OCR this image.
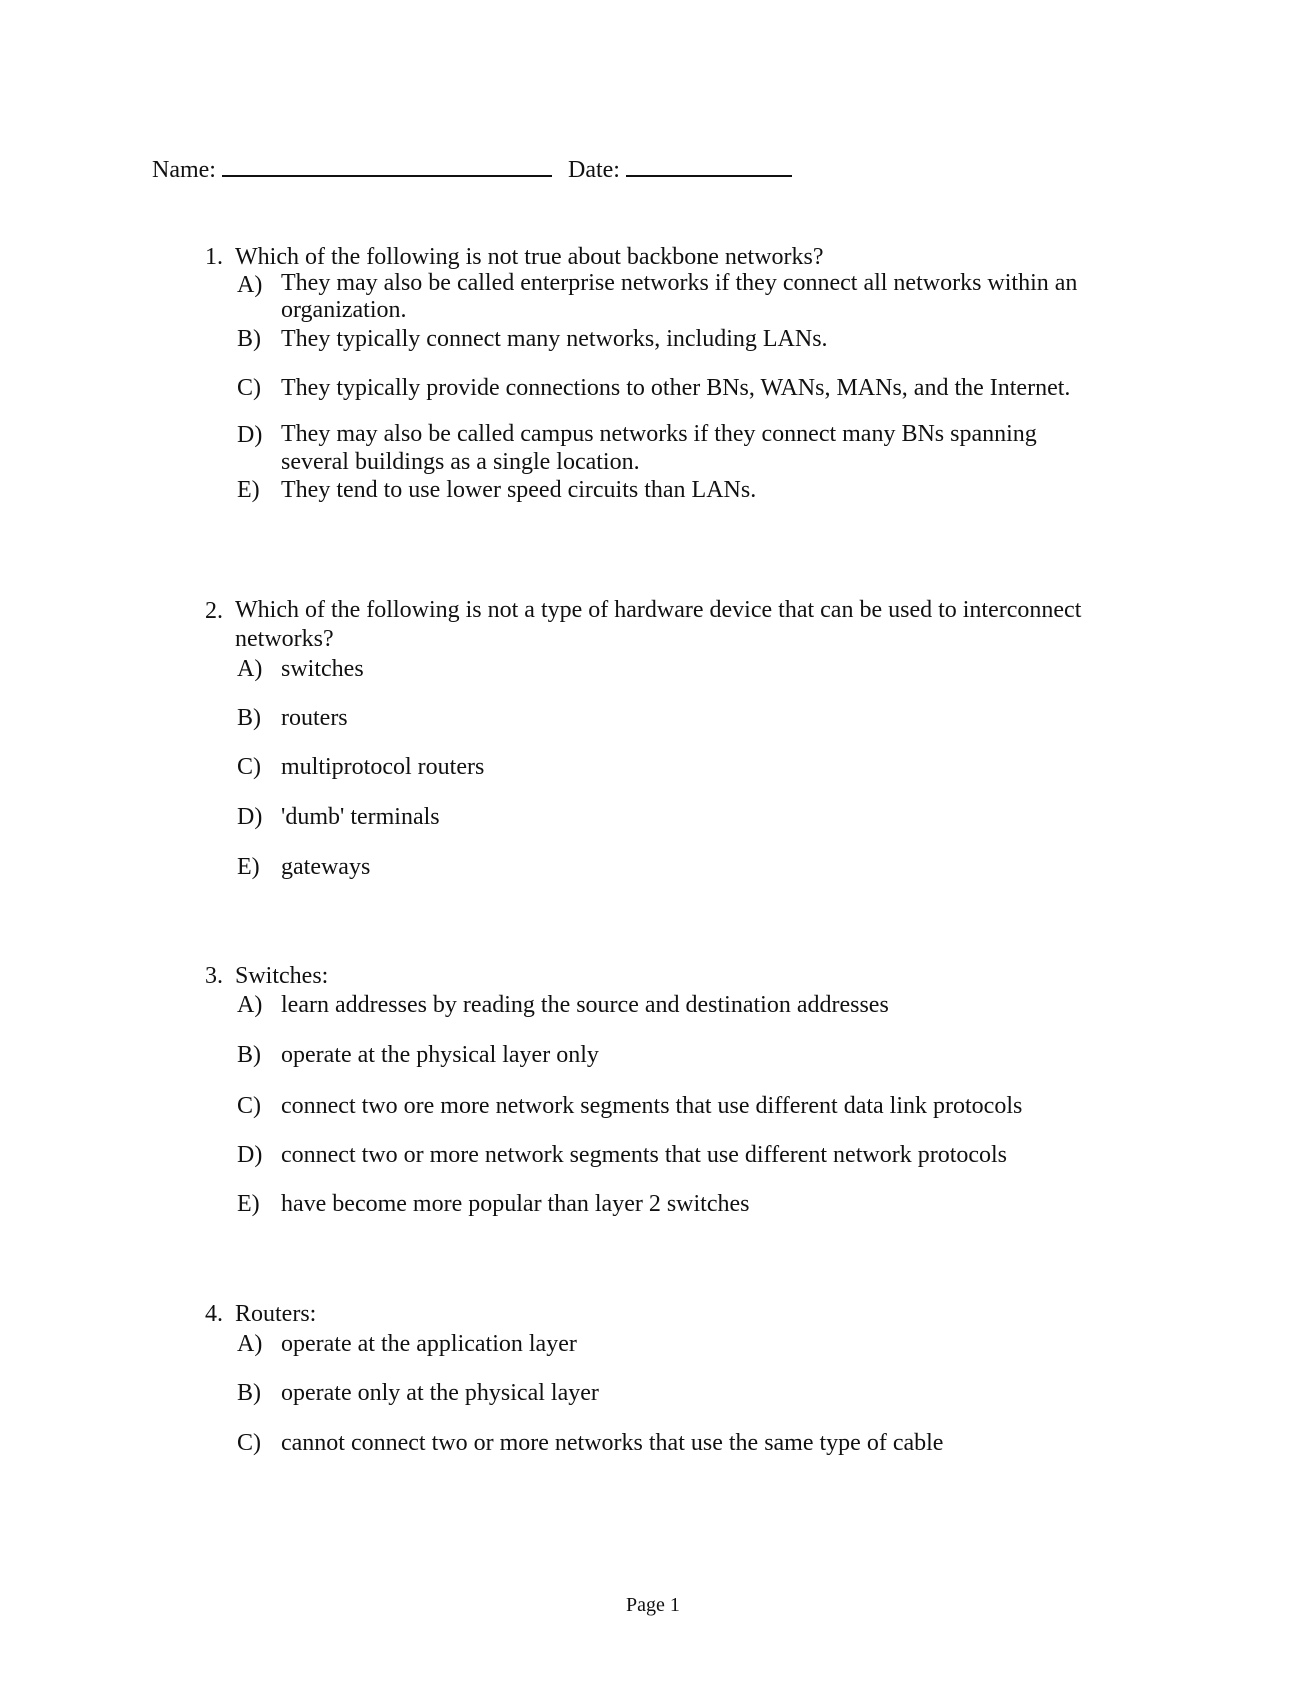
Name:	Date:
1. Which of the following is not true about backbone networks?
A) They may also be called enterprise networks if they connect all networks within an organization.
B) They typically connect many networks, including LANs.
C) They typically provide connections to other BNs, WANs, MANs, and the Internet.
D) They may also be called campus networks if they connect many BNs spanning several buildings as a single location.
E) They tend to use lower speed circuits than LANs.
2. Which of the following is not a type of hardware device that can be used to interconnect networks?
A) switches
B) routers
C) multiprotocol routers
D) 'dumb' terminals
E) gateways
3. Switches:
A) learn addresses by reading the source and destination addresses
B) operate at the physical layer only
C) connect two ore more network segments that use different data link protocols
D) connect two or more network segments that use different network protocols
E) have become more popular than layer 2 switches
4. Routers:
A) operate at the application layer
B) operate only at the physical layer
C) cannot connect two or more networks that use the same type of cable
Page 1
